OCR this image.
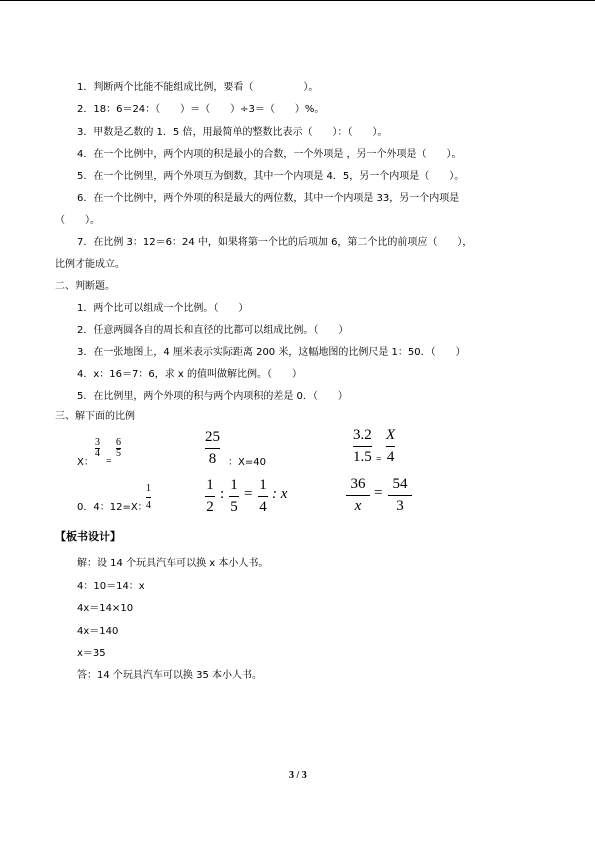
1．判断两个比能不能组成比例，要看（　　　　　）。
2．18：6＝24：（　　）＝（　　）÷3＝（　　）%。
3．甲数是乙数的 1．5 倍，用最简单的整数比表示（　　）：（　　）。
4．在一个比例中，两个内项的积是最小的合数，一个外项是 ，另一个外项是（　　）。
5．在一个比例里，两个外项互为倒数，其中一个内项是 4．5，另一个内项是（　　）。
6．在一个比例中，两个外项的积是最大的两位数，其中一个内项是 33，另一个内项是
（　　）。
7．在比例 3：12＝6：24 中，如果将第一个比的后项加 6，第二个比的前项应（　　），
比例才能成立。
二、判断题。
1．两个比可以组成一个比例。（　　）
2．任意两圆各自的周长和直径的比都可以组成比例。（　　）
3．在一张地图上，4 厘米表示实际距离 200 米，这幅地图的比例尺是 1：50．（　　）
4．x：16＝7：6，求 x 的值叫做解比例。（　　）
5．在比例里，两个外项的积与两个内项积的差是 0．（　　）
三、解下面的比例
X：
3
4
=
6
5
25
8 ：X=40
3.2
1.5 =
X
4
0．4：12=X：
1
4
1
2
:
1
5
=
1
4
: x
36
x
=
54
3
【板书设计】
解：设 14 个玩具汽车可以换 x 本小人书。
4：10＝14：x
4x＝14×10
4x＝140
x＝35
答：14 个玩具汽车可以换 35 本小人书。
3 / 3
